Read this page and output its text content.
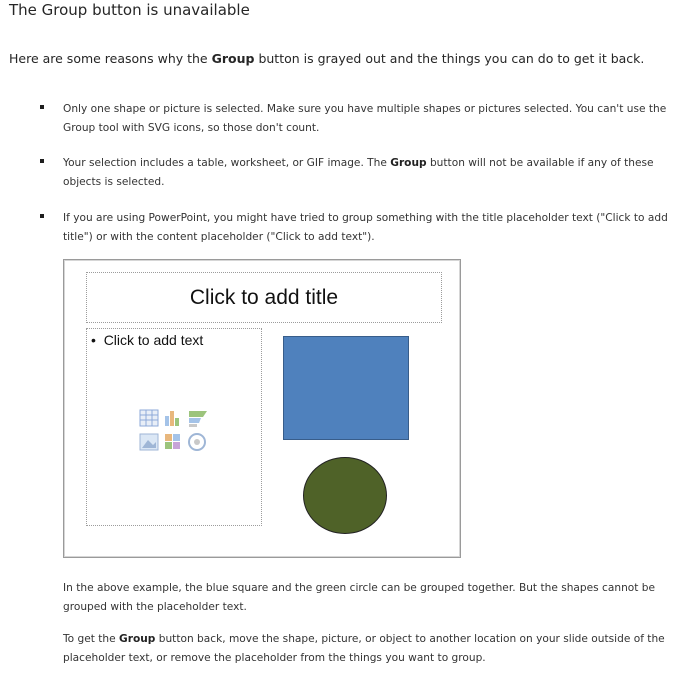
The Group button is unavailable
Here are some reasons why the Group button is grayed out and the things you can do to get it back.
Only one shape or picture is selected. Make sure you have multiple shapes or pictures selected. You can't use the Group tool with SVG icons, so those don't count.
Your selection includes a table, worksheet, or GIF image. The Group button will not be available if any of these objects is selected.
If you are using PowerPoint, you might have tried to group something with the title placeholder text ("Click to add title") or with the content placeholder ("Click to add text").
Click to add title
• Click to add text
In the above example, the blue square and the green circle can be grouped together. But the shapes cannot be grouped with the placeholder text.
To get the Group button back, move the shape, picture, or object to another location on your slide outside of the placeholder text, or remove the placeholder from the things you want to group.
